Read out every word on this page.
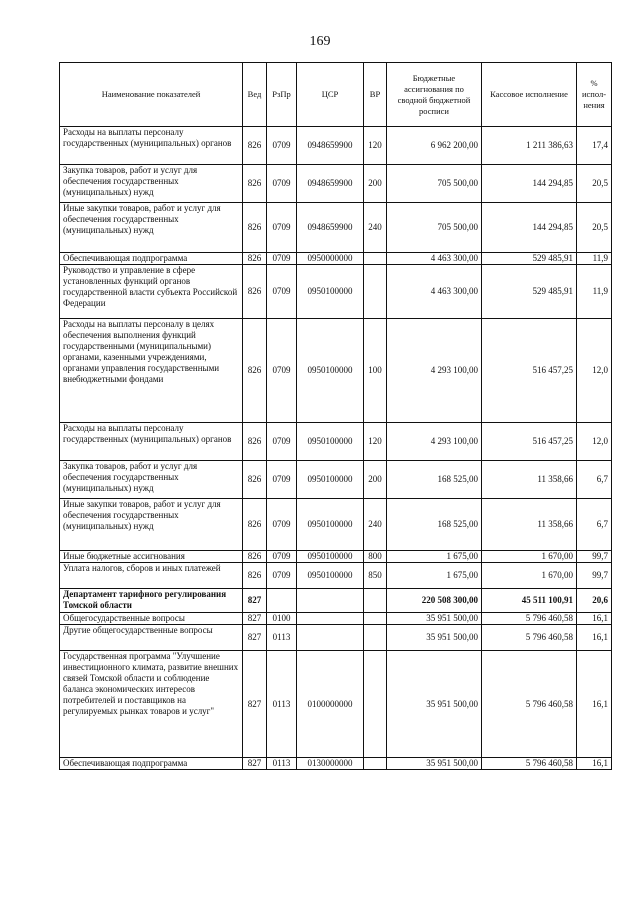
169
Наименование показателей	Вед	РзПр	ЦСР	ВР	Бюджетные ассигнования по сводной бюджетной росписи	Кассовое исполнение	% испол-нения
Расходы на выплаты персоналу государственных (муниципальных) органов	826	0709	0948659900	120	6 962 200,00	1 211 386,63	17,4
Закупка товаров, работ и услуг для обеспечения государственных (муниципальных) нужд	826	0709	0948659900	200	705 500,00	144 294,85	20,5
Иные закупки товаров, работ и услуг для обеспечения государственных (муниципальных) нужд	826	0709	0948659900	240	705 500,00	144 294,85	20,5
Обеспечивающая подпрограмма	826	0709	0950000000		4 463 300,00	529 485,91	11,9
Руководство и управление в сфере установленных функций органов государственной власти субъекта Российской Федерации	826	0709	0950100000		4 463 300,00	529 485,91	11,9
Расходы на выплаты персоналу в целях обеспечения выполнения функций государственными (муниципальными) органами, казенными учреждениями, органами управления государственными внебюджетными фондами	826	0709	0950100000	100	4 293 100,00	516 457,25	12,0
Расходы на выплаты персоналу государственных (муниципальных) органов	826	0709	0950100000	120	4 293 100,00	516 457,25	12,0
Закупка товаров, работ и услуг для обеспечения государственных (муниципальных) нужд	826	0709	0950100000	200	168 525,00	11 358,66	6,7
Иные закупки товаров, работ и услуг для обеспечения государственных (муниципальных) нужд	826	0709	0950100000	240	168 525,00	11 358,66	6,7
Иные бюджетные ассигнования	826	0709	0950100000	800	1 675,00	1 670,00	99,7
Уплата налогов, сборов и иных платежей	826	0709	0950100000	850	1 675,00	1 670,00	99,7
Департамент тарифного регулирования Томской области	827				220 508 300,00	45 511 100,91	20,6
Общегосударственные вопросы	827	0100			35 951 500,00	5 796 460,58	16,1
Другие общегосударственные вопросы	827	0113			35 951 500,00	5 796 460,58	16,1
Государственная программа "Улучшение инвестиционного климата, развитие внешних связей Томской области и соблюдение баланса экономических интересов потребителей и поставщиков на регулируемых рынках товаров и услуг"	827	0113	0100000000		35 951 500,00	5 796 460,58	16,1
Обеспечивающая подпрограмма	827	0113	0130000000		35 951 500,00	5 796 460,58	16,1
